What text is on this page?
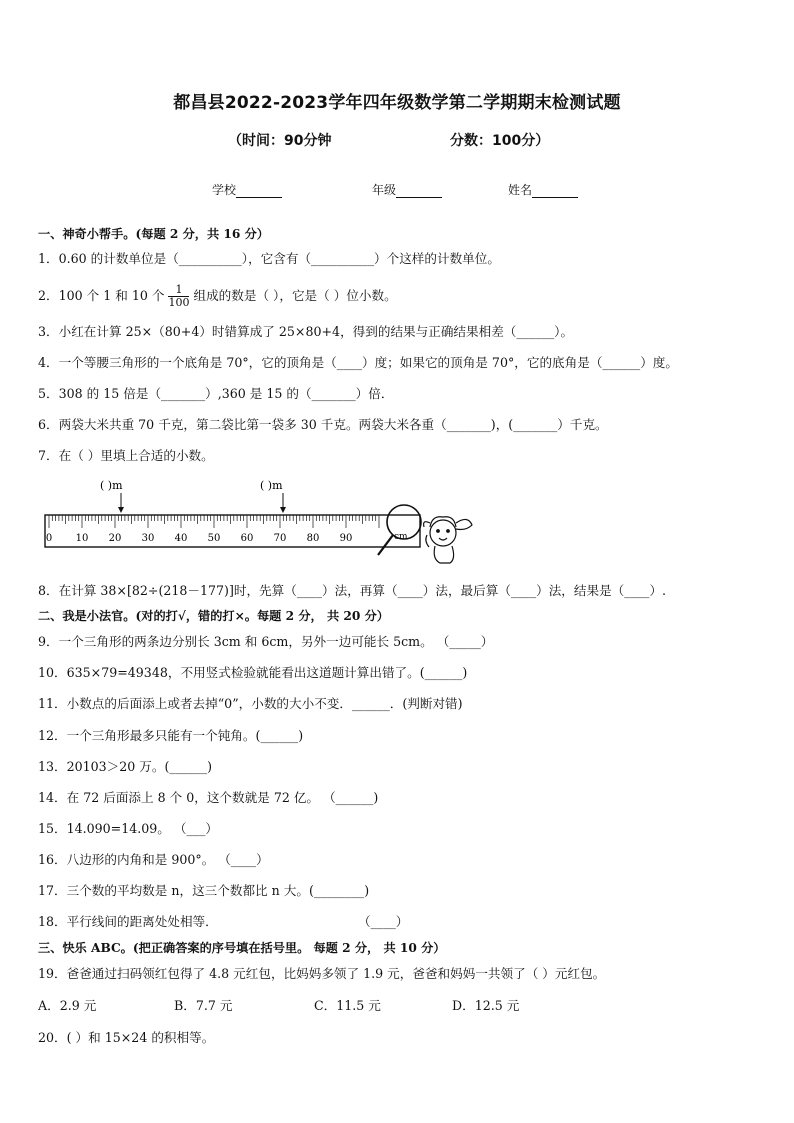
都昌县2022-2023学年四年级数学第二学期期末检测试题
（时间：90分钟	分数：100分）
学校	年级	姓名
一、神奇小帮手。(每题 2 分，共 16 分）
1．0.60 的计数单位是（__________），它含有（__________）个这样的计数单位。
2．100 个 1 和 10 个 $\frac{1}{100}$ 组成的数是（ ），它是（ ）位小数。
3．小红在计算 25×（80+4）时错算成了 25×80+4，得到的结果与正确结果相差（______）。
4．一个等腰三角形的一个底角是 70°，它的顶角是（____）度；如果它的顶角是 70°，它的底角是（______）度。
5．308 的 15 倍是（_______）,360 是 15 的（_______）倍．
6．两袋大米共重 70 千克，第二袋比第一袋多 30 千克。两袋大米各重（_______)，(_______）千克。
7．在（ ）里填上合适的小数。
( )m	( )m
0 10 20 30 40 50 60 70 80 90	cm
8．在计算 38×[82÷(218－177)]时，先算（____）法，再算（____）法，最后算（____）法，结果是（____）.
二、我是小法官。(对的打√，错的打×。每题 2 分， 共 20 分）
9．一个三角形的两条边分别长 3cm 和 6cm，另外一边可能长 5cm。 （_____）
10．635×79=49348，不用竖式检验就能看出这道题计算出错了。(______)
11．小数点的后面添上或者去掉“0”，小数的大小不变．______．(判断对错)
12．一个三角形最多只能有一个钝角。(______)
13．20103＞20 万。(______)
14．在 72 后面添上 8 个 0，这个数就是 72 亿。 （______)
15．14.090=14.09。 （___）
16．八边形的内角和是 900°。 （____）
17．三个数的平均数是 n，这三个数都比 n 大。(________)
18．平行线间的距离处处相等．	（____）
三、快乐 ABC。(把正确答案的序号填在括号里。 每题 2 分， 共 10 分）
19．爸爸通过扫码领红包得了 4.8 元红包，比妈妈多领了 1.9 元，爸爸和妈妈一共领了（ ）元红包。
A．2.9 元	B．7.7 元	C．11.5 元	D．12.5 元
20．( ）和 15×24 的积相等。
